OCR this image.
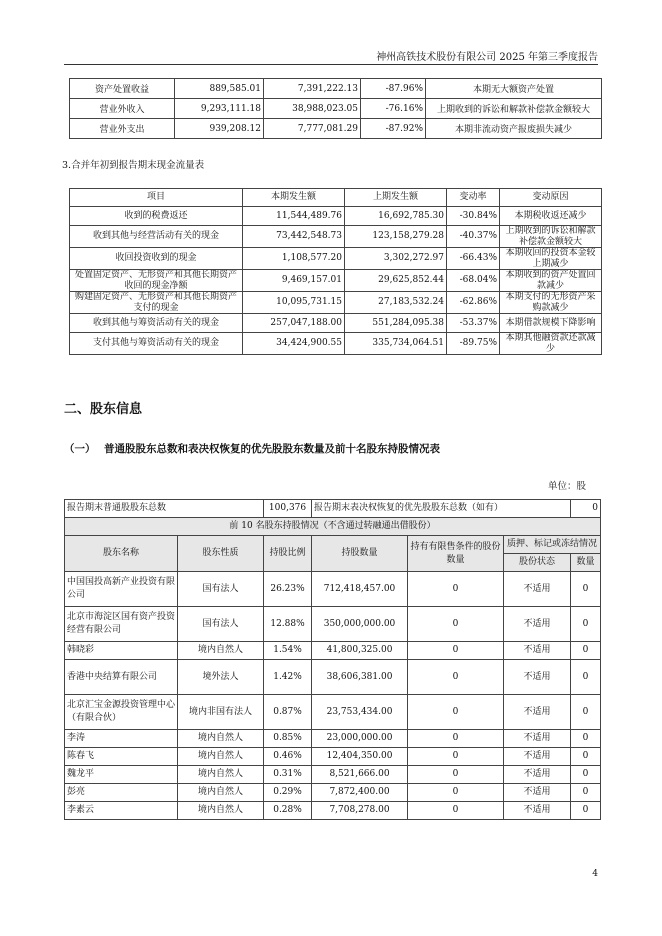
神州高铁技术股份有限公司 2025 年第三季度报告
资产处置收益	889,585.01	7,391,222.13	-87.96%	本期无大额资产处置
营业外收入	9,293,111.18	38,988,023.05	-76.16%	上期收到的诉讼和解款补偿款金额较大
营业外支出	939,208.12	7,777,081.29	-87.92%	本期非流动资产报废损失减少
3.合并年初到报告期末现金流量表
项目	本期发生额	上期发生额	变动率	变动原因
收到的税费返还	11,544,489.76	16,692,785.30	-30.84%	本期税收返还减少
收到其他与经营活动有关的现金	73,442,548.73	123,158,279.28	-40.37%	上期收到的诉讼和解款补偿款金额较大
收回投资收到的现金	1,108,577.20	3,302,272.97	-66.43%	本期收回的投资本金较上期减少
处置固定资产、无形资产和其他长期资产收回的现金净额	9,469,157.01	29,625,852.44	-68.04%	本期收到的资产处置回款减少
购建固定资产、无形资产和其他长期资产支付的现金	10,095,731.15	27,183,532.24	-62.86%	本期支付的无形资产采购款减少
收到其他与筹资活动有关的现金	257,047,188.00	551,284,095.38	-53.37%	本期借款规模下降影响
支付其他与筹资活动有关的现金	34,424,900.55	335,734,064.51	-89.75%	本期其他融资款还款减少
二、股东信息
（一） 普通股股东总数和表决权恢复的优先股股东数量及前十名股东持股情况表
单位：股
报告期末普通股股东总数		100,376	报告期末表决权恢复的优先股股东总数（如有）			0
前 10 名股东持股情况（不含通过转融通出借股份）						
股东名称	股东性质	持股比例	持股数量	持有有限售条件的股份数量	质押、标记或冻结情况	
					股份状态	数量
中国国投高新产业投资有限公司	国有法人	26.23%	712,418,457.00	0	不适用	0
北京市海淀区国有资产投资经营有限公司	国有法人	12.88%	350,000,000.00	0	不适用	0
韩晓彩	境内自然人	1.54%	41,800,325.00	0	不适用	0
香港中央结算有限公司	境外法人	1.42%	38,606,381.00	0	不适用	0
北京汇宝金源投资管理中心（有限合伙）	境内非国有法人	0.87%	23,753,434.00	0	不适用	0
李涛	境内自然人	0.85%	23,000,000.00	0	不适用	0
陈春飞	境内自然人	0.46%	12,404,350.00	0	不适用	0
魏龙平	境内自然人	0.31%	8,521,666.00	0	不适用	0
彭亮	境内自然人	0.29%	7,872,400.00	0	不适用	0
李素云	境内自然人	0.28%	7,708,278.00	0	不适用	0
4
